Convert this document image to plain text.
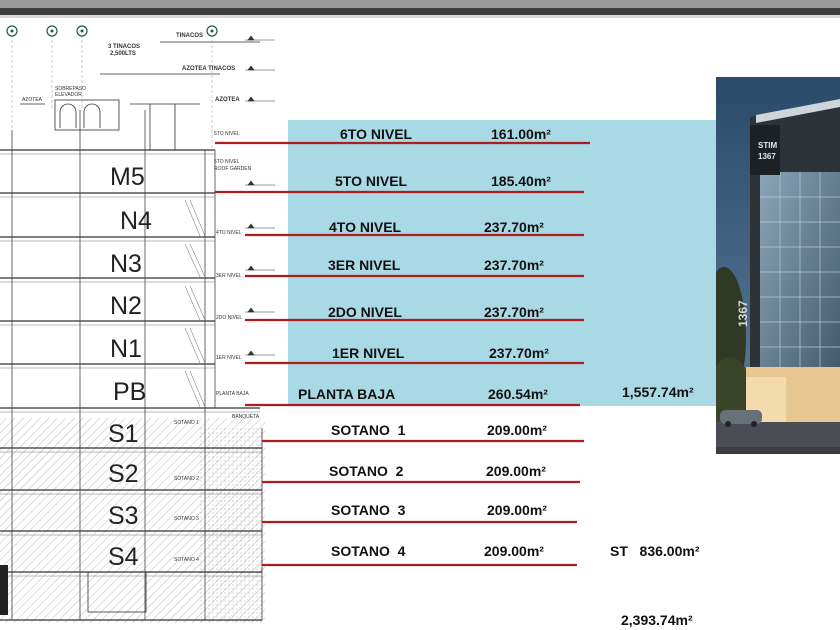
TINACOS
3 TINACOS
2,500LTS
AZOTEA TINACOS
AZOTEA
AZOTEA
SOBREPASO
ELEVADOR
6TO NIVEL
5TO NIVEL
ROOF GARDEN
4TO NIVEL
3ER NIVEL
2DO NIVEL
1ER NIVEL
PLANTA BAJA
BANQUETA
SOTANO 1
SOTANO 2
SOTANO 3
SOTANO 4
M5
N4
N3
N2
N1
PB
S1
S2
S3
S4
6TO NIVEL	161.00m²
5TO NIVEL	185.40m²
4TO NIVEL	237.70m²
3ER NIVEL	237.70m²
2DO NIVEL	237.70m²
1ER NIVEL	237.70m²
PLANTA BAJA	260.54m²
SOTANO  1	209.00m²
SOTANO  2	209.00m²
SOTANO  3	209.00m²
SOTANO  4	209.00m²
1,557.74m²
ST   836.00m²
2,393.74m²
STIM
1367
1367
